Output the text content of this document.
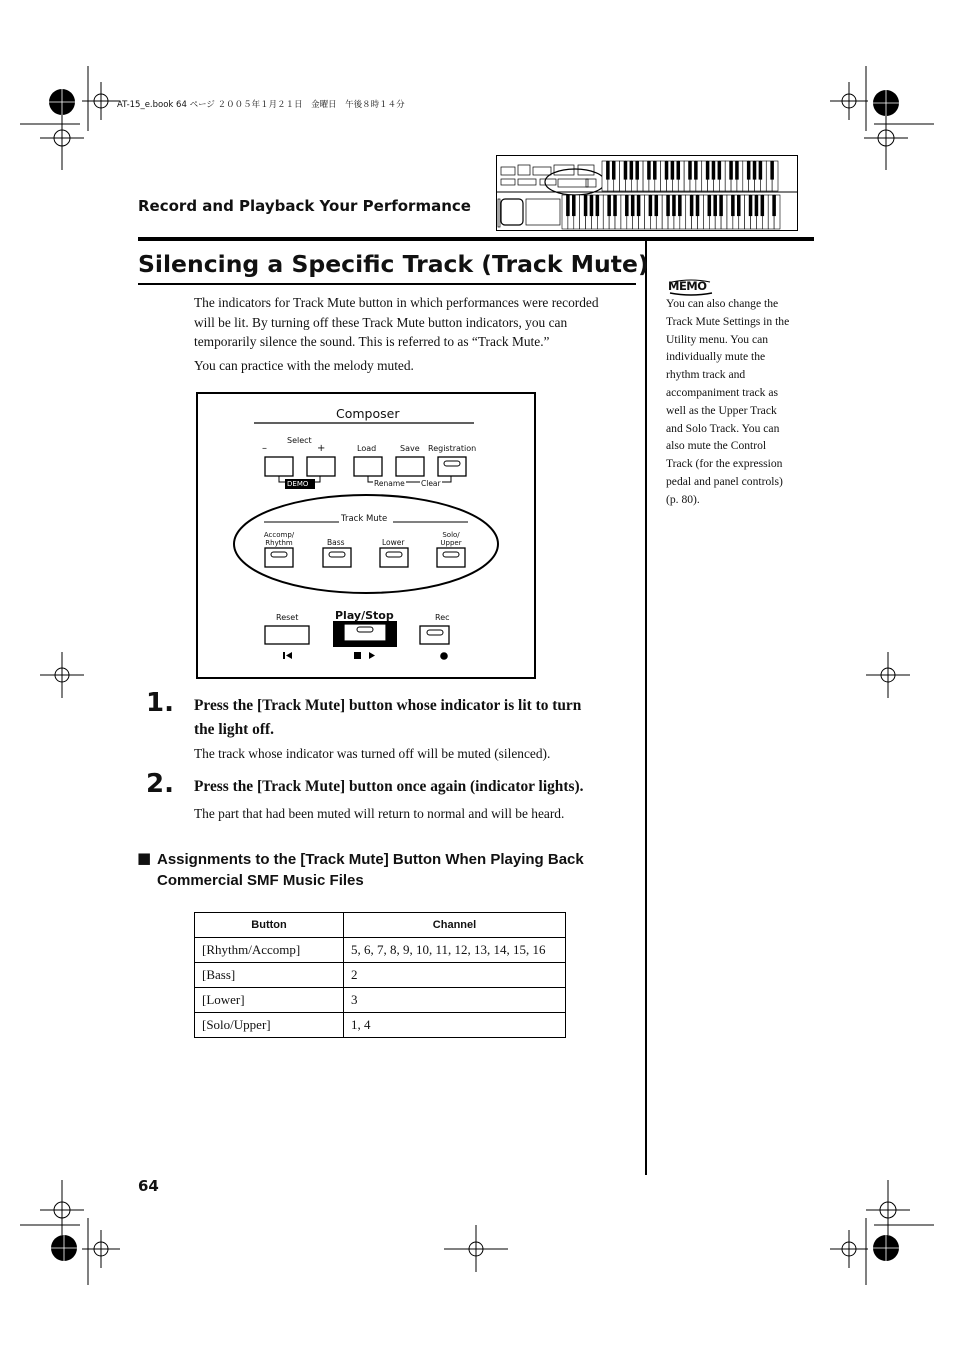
AT-15_e.book 64 ページ ２００５年１月２１日　金曜日　午後８時１４分
Record and Playback Your Performance
Silencing a Specific Track (Track Mute)
The indicators for Track Mute button in which performances were recorded
will be lit. By turning off these Track Mute button indicators, you can
temporarily silence the sound. This is referred to as “Track Mute.”
You can practice with the melody muted.
Composer
Select
–	+	Load	Save Registration
DEMO	Rename Clear
Track Mute
Accomp/
Rhythm	Bass	Lower
Solo/
Upper
Reset	Play/Stop	Rec
1. Press the [Track Mute] button whose indicator is lit to turn
the light off.
The track whose indicator was turned off will be muted (silenced).
2. Press the [Track Mute] button once again (indicator lights).
The part that had been muted will return to normal and will be heard.
■ Assignments to the [Track Mute] Button When Playing Back
Commercial SMF Music Files
Button	Channel
[Rhythm/Accomp]	5, 6, 7, 8, 9, 10, 11, 12, 13, 14, 15, 16
[Bass]	2
[Lower]	3
[Solo/Upper]	1, 4
MEMO
You can also change the
Track Mute Settings in the
Utility menu. You can
individually mute the
rhythm track and
accompaniment track as
well as the Upper Track
and Solo Track. You can
also mute the Control
Track (for the expression
pedal and panel controls)
(p. 80).
64
